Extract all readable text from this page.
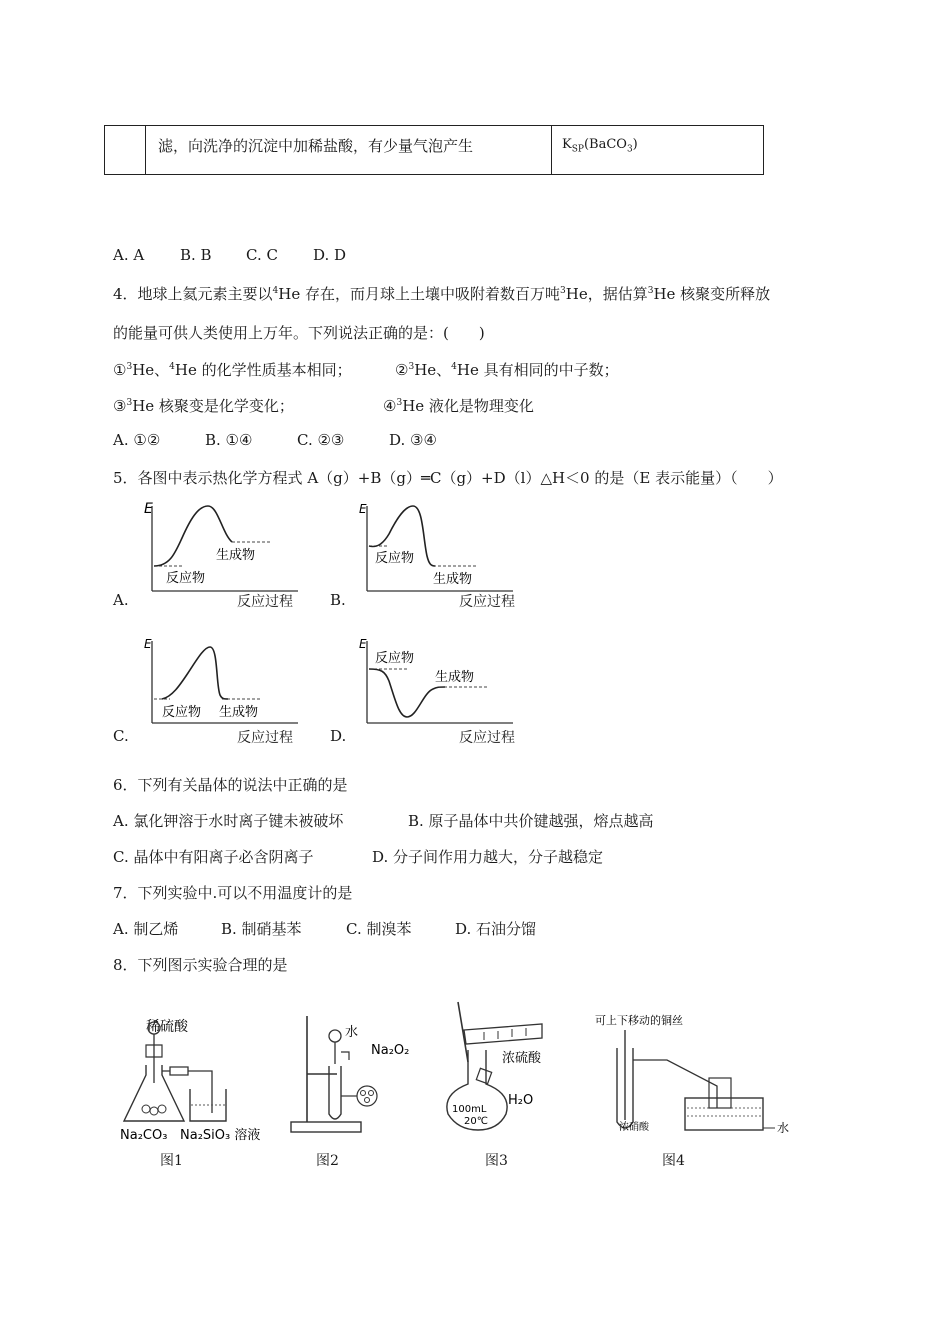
滤，向洗净的沉淀中加稀盐酸，有少量气泡产生	$K_{SP}(BaCO_3)$
A. A B. B C. C D. D
4．地球上氦元素主要以$^4$He 存在，而月球上土壤中吸附着数百万吨$^3$He，据估算$^3$He 核聚变所释放
的能量可供人类使用上万年。下列说法正确的是：(　　)
①$^3$He、$^4$He 的化学性质基本相同；	②$^3$He、$^4$He 具有相同的中子数；
③$^3$He 核聚变是化学变化；	④$^3$He 液化是物理变化
A. ①②	B. ①④	C. ②③	D. ③④
5．各图中表示热化学方程式 A（g）+B（g）═C（g）+D（l）△H＜0 的是（E 表示能量）（　　）
E
生成物
反应物
A.	反应过程
E
反应物
生成物
B.	反应过程
E
反应物 生成物
C.	反应过程
E
反应物
生成物
D.	反应过程
6．下列有关晶体的说法中正确的是
A. 氯化钾溶于水时离子键未被破坏	B. 原子晶体中共价键越强，熔点越高
C. 晶体中有阳离子必含阴离子	D. 分子间作用力越大，分子越稳定
7．下列实验中.可以不用温度计的是
A. 制乙烯	B. 制硝基苯	C. 制溴苯	D. 石油分馏
8．下列图示实验合理的是
稀硫酸
Na₂CO₃ Na₂SiO₃ 溶液
图1
水
Na₂O₂
图2
浓硫酸
100mL
20℃
H₂O
图3
可上下移动的铜丝
水
浓硝酸
图4
